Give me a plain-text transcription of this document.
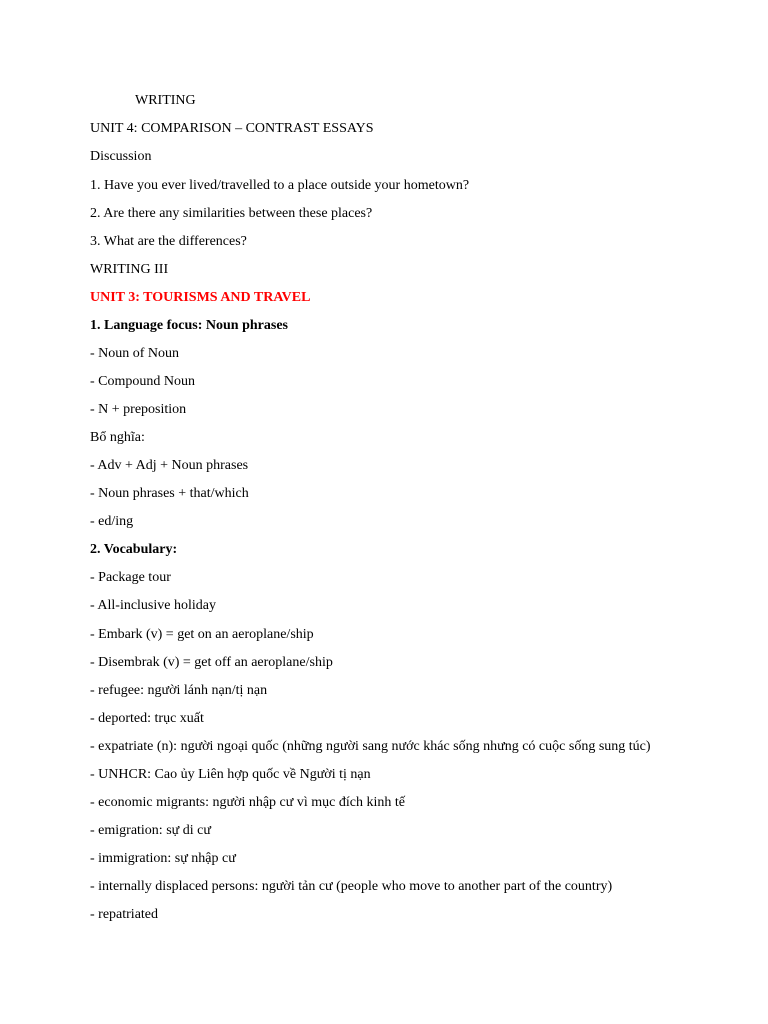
WRITING
UNIT 4: COMPARISON – CONTRAST ESSAYS
Discussion
1. Have you ever lived/travelled to a place outside your hometown?
2. Are there any similarities between these places?
3. What are the differences?
WRITING III
UNIT 3: TOURISMS AND TRAVEL
1. Language focus: Noun phrases
- Noun of Noun
- Compound Noun
- N + preposition
Bổ nghĩa:
- Adv + Adj + Noun phrases
- Noun phrases + that/which
- ed/ing
2. Vocabulary:
- Package tour
- All-inclusive holiday
- Embark (v) = get on an aeroplane/ship
- Disembrak (v) = get off an aeroplane/ship
- refugee: người lánh nạn/tị nạn
- deported: trục xuất
- expatriate (n): người ngoại quốc (những người sang nước khác sống nhưng có cuộc sống sung túc)
- UNHCR: Cao ủy Liên hợp quốc về Người tị nạn
- economic migrants: người nhập cư vì mục đích kinh tế
- emigration: sự di cư
- immigration: sự nhập cư
- internally displaced persons: người tản cư (people who move to another part of the country)
- repatriated
